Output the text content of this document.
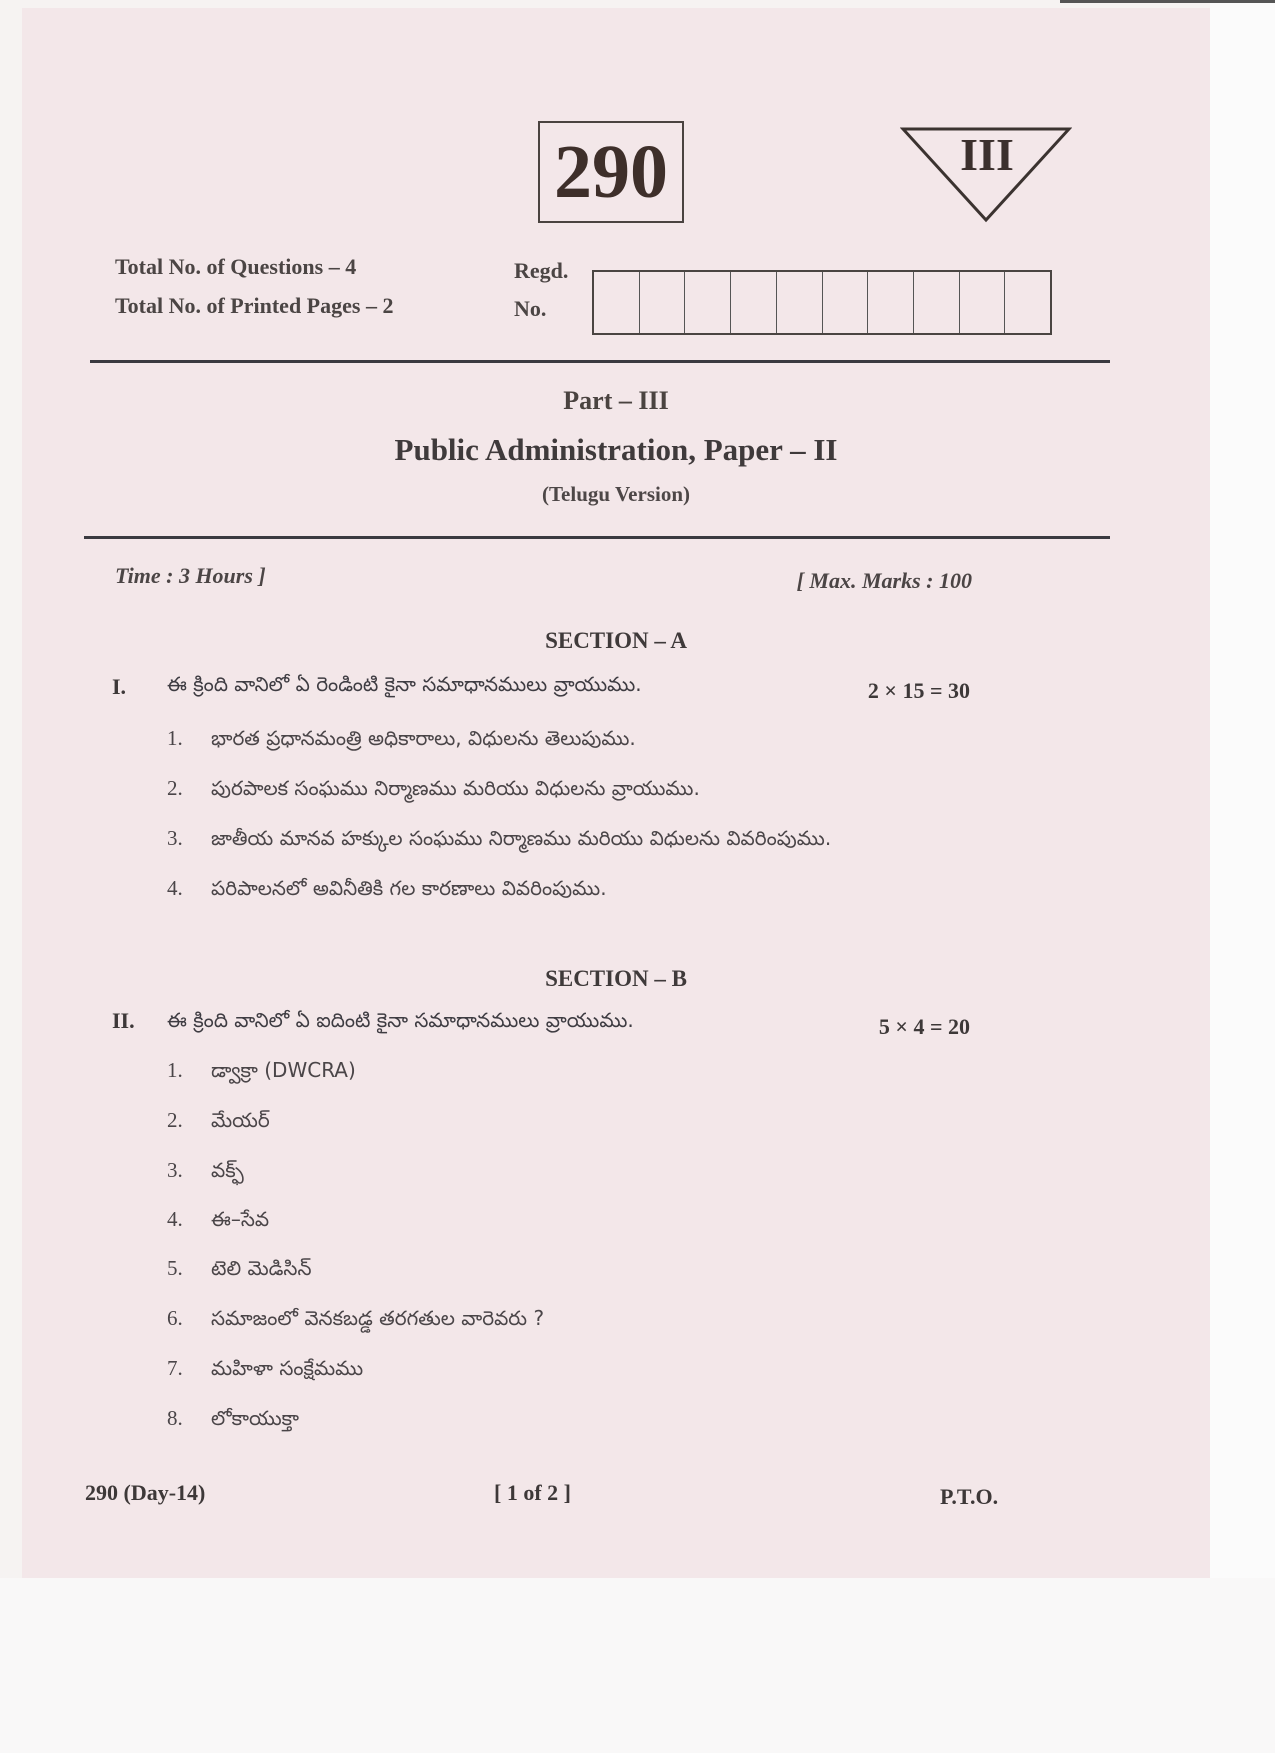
290	III
Total No. of Questions – 4
Total No. of Printed Pages – 2
Regd.
No.
Part – III
Public Administration, Paper – II
(Telugu Version)
Time : 3 Hours ]	[ Max. Marks : 100
SECTION – A
I. ఈ క్రింది వానిలో ఏ రెండింటి కైనా సమాధానములు వ్రాయుము.	2 × 15 = 30
1.	భారత ప్రధానమంత్రి అధికారాలు, విధులను తెలుపుము.
2.	పురపాలక సంఘము నిర్మాణము మరియు విధులను వ్రాయుము.
3.	జాతీయ మానవ హక్కుల సంఘము నిర్మాణము మరియు విధులను వివరింపుము.
4.	పరిపాలనలో అవినీతికి గల కారణాలు వివరింపుము.
SECTION – B
II. ఈ క్రింది వానిలో ఏ ఐదింటి కైనా సమాధానములు వ్రాయుము.	5 × 4 = 20
1.	డ్వాక్రా (DWCRA)
2.	మేయర్
3.	వక్ఫ్
4.	ఈ–సేవ
5.	టెలి మెడిసిన్
6.	సమాజంలో వెనకబడ్డ తరగతుల వారెవరు ?
7.	మహిళా సంక్షేమము
8.	లోకాయుక్తా
290 (Day-14)	[ 1 of 2 ]	P.T.O.
